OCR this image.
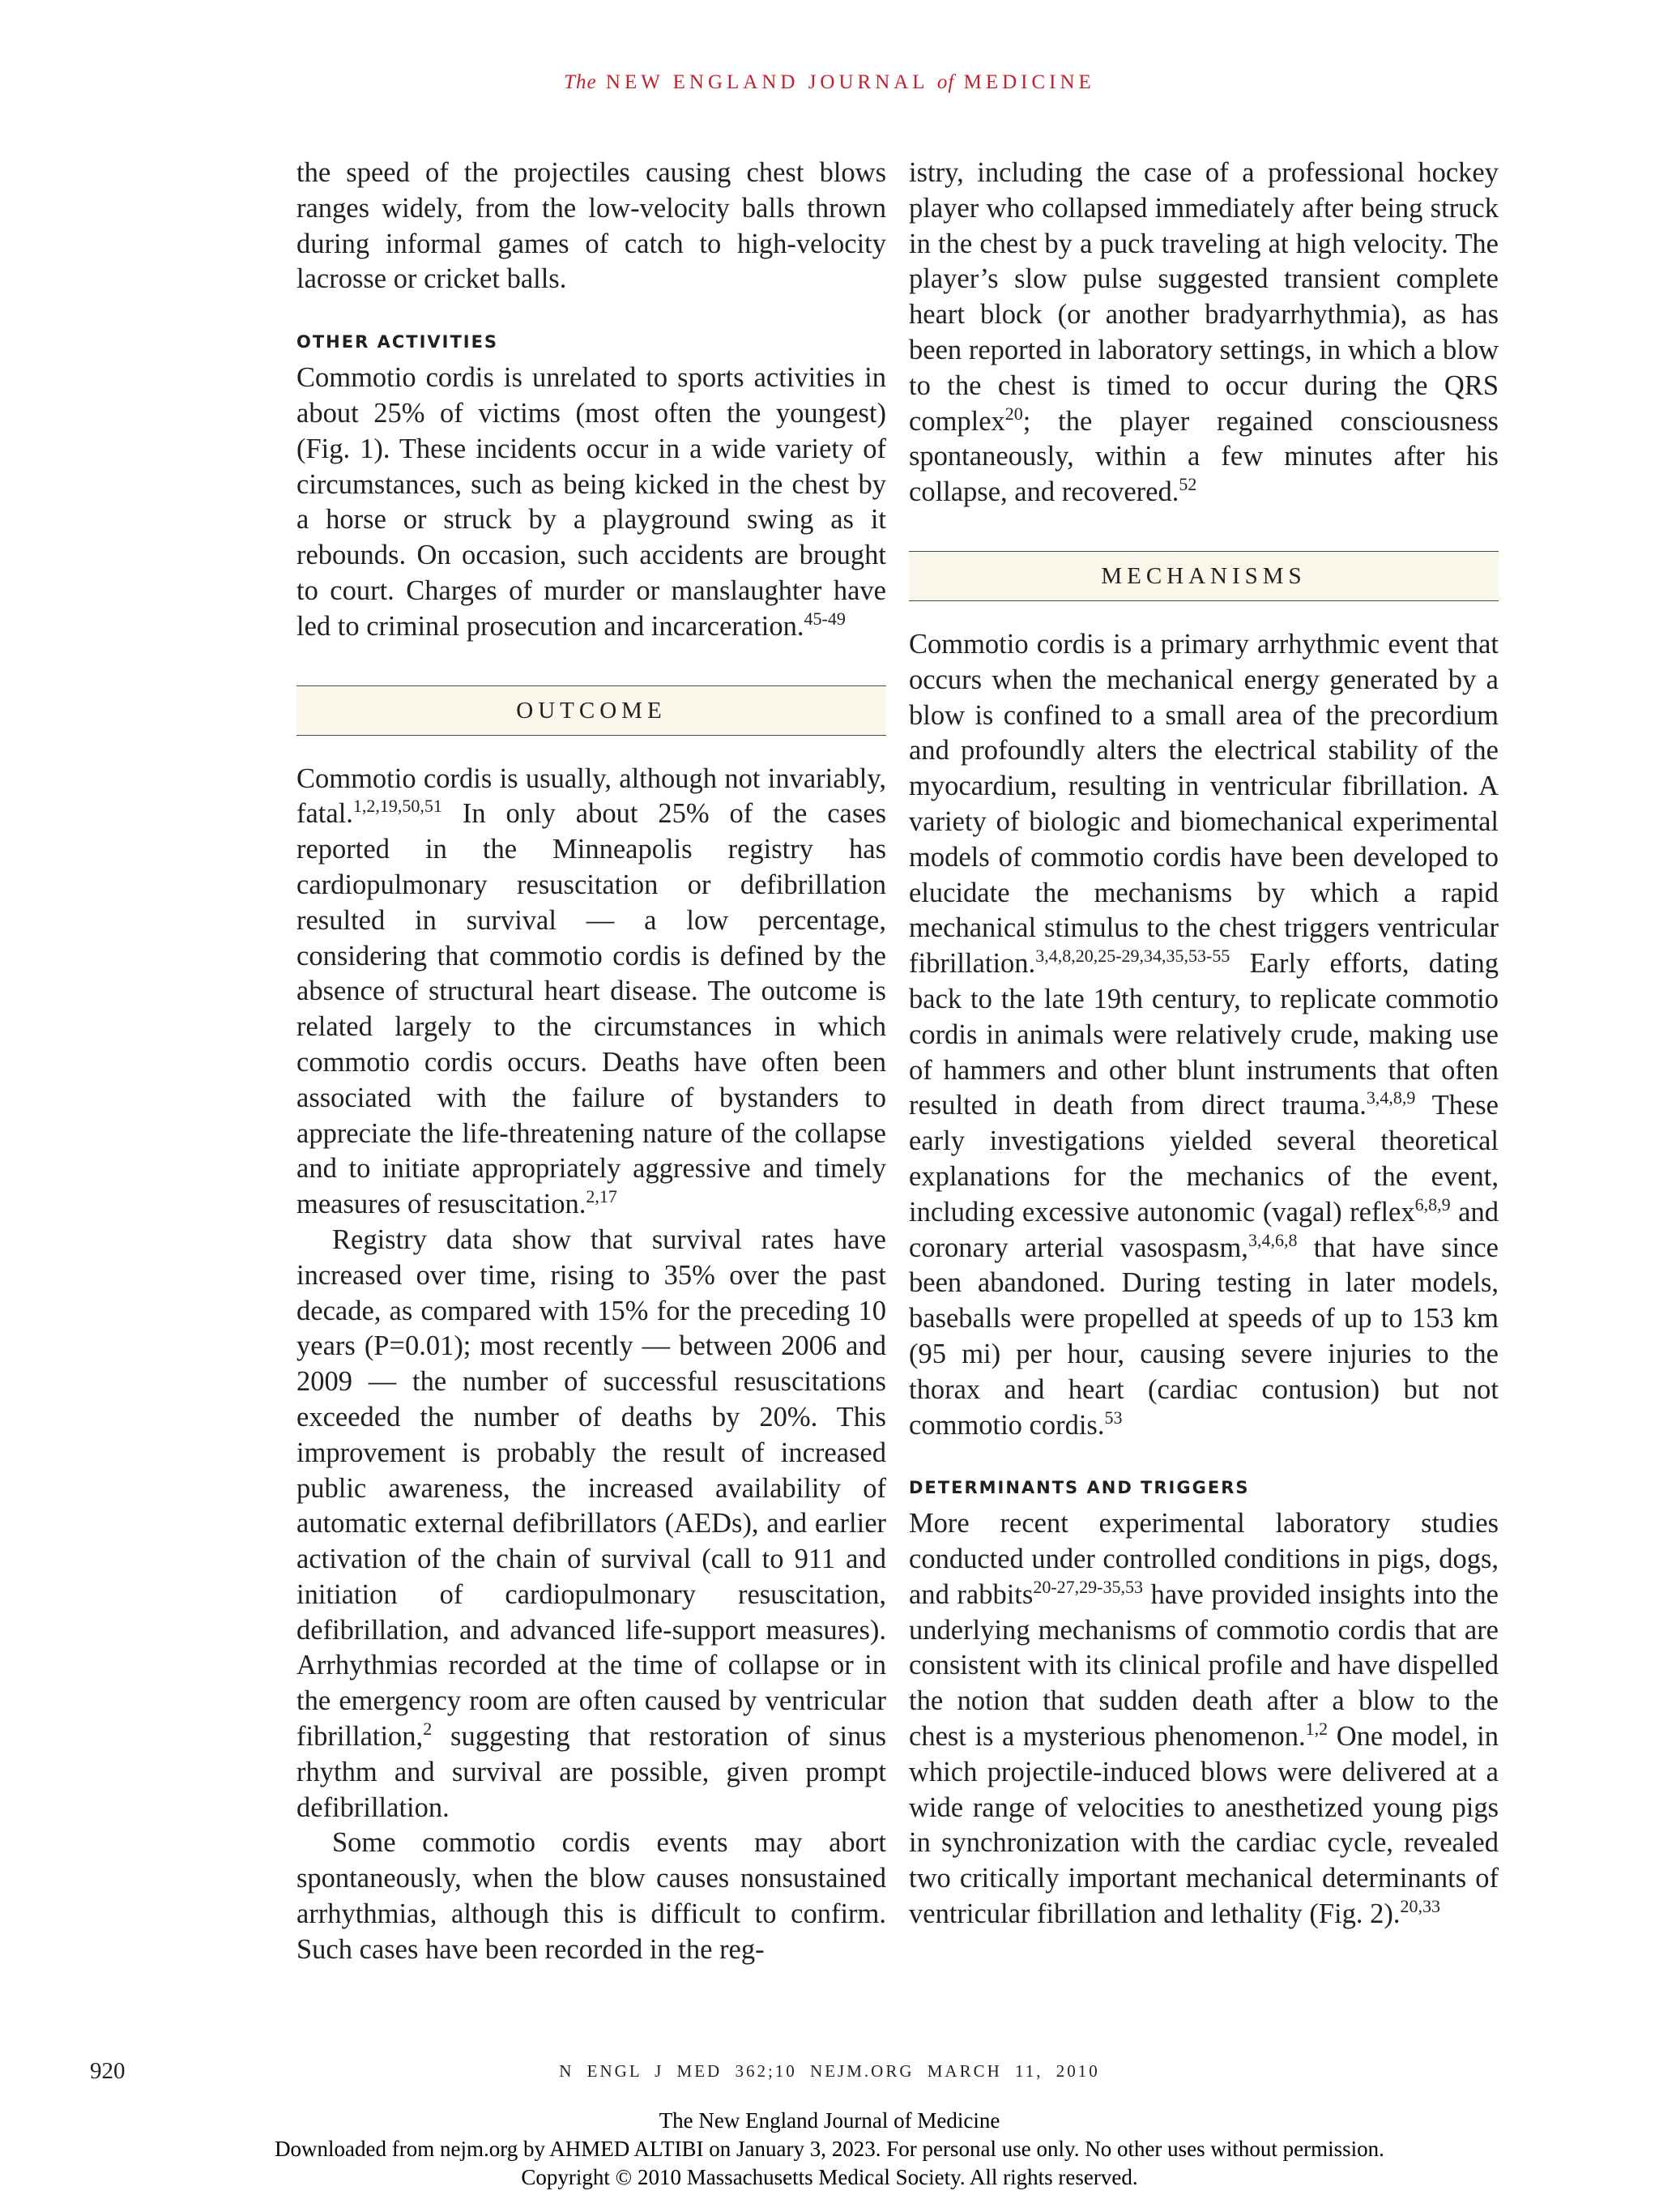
The NEW ENGLAND JOURNAL of MEDICINE

the speed of the projectiles causing chest blows ranges widely, from the low-velocity balls thrown during informal games of catch to high-velocity lacrosse or cricket balls.

OTHER ACTIVITIES

Commotio cordis is unrelated to sports activities in about 25% of victims (most often the youngest) (Fig. 1). These incidents occur in a wide variety of circumstances, such as being kicked in the chest by a horse or struck by a playground swing as it rebounds. On occasion, such accidents are brought to court. Charges of murder or manslaughter have led to criminal prosecution and incarceration.$^{45-49}$

OUTCOME

Commotio cordis is usually, although not invariably, fatal.$^{1,2,19,50,51}$ In only about 25% of the cases reported in the Minneapolis registry has cardiopulmonary resuscitation or defibrillation resulted in survival — a low percentage, considering that commotio cordis is defined by the absence of structural heart disease. The outcome is related largely to the circumstances in which commotio cordis occurs. Deaths have often been associated with the failure of bystanders to appreciate the life-threatening nature of the collapse and to initiate appropriately aggressive and timely measures of resuscitation.$^{2,17}$

Registry data show that survival rates have increased over time, rising to 35% over the past decade, as compared with 15% for the preceding 10 years (P=0.01); most recently — between 2006 and 2009 — the number of successful resuscitations exceeded the number of deaths by 20%. This improvement is probably the result of increased public awareness, the increased availability of automatic external defibrillators (AEDs), and earlier activation of the chain of survival (call to 911 and initiation of cardiopulmonary resuscitation, defibrillation, and advanced life-support measures). Arrhythmias recorded at the time of collapse or in the emergency room are often caused by ventricular fibrillation,$^2$ suggesting that restoration of sinus rhythm and survival are possible, given prompt defibrillation.

Some commotio cordis events may abort spontaneously, when the blow causes nonsustained arrhythmias, although this is difficult to confirm. Such cases have been recorded in the reg-

istry, including the case of a professional hockey player who collapsed immediately after being struck in the chest by a puck traveling at high velocity. The player’s slow pulse suggested transient complete heart block (or another bradyarrhythmia), as has been reported in laboratory settings, in which a blow to the chest is timed to occur during the QRS complex$^{20}$; the player regained consciousness spontaneously, within a few minutes after his collapse, and recovered.$^{52}$

MECHANISMS

Commotio cordis is a primary arrhythmic event that occurs when the mechanical energy generated by a blow is confined to a small area of the precordium and profoundly alters the electrical stability of the myocardium, resulting in ventricular fibrillation. A variety of biologic and biomechanical experimental models of commotio cordis have been developed to elucidate the mechanisms by which a rapid mechanical stimulus to the chest triggers ventricular fibrillation.$^{3,4,8,20,25-29,34,35,53-55}$ Early efforts, dating back to the late 19th century, to replicate commotio cordis in animals were relatively crude, making use of hammers and other blunt instruments that often resulted in death from direct trauma.$^{3,4,8,9}$ These early investigations yielded several theoretical explanations for the mechanics of the event, including excessive autonomic (vagal) reflex$^{6,8,9}$ and coronary arterial vasospasm,$^{3,4,6,8}$ that have since been abandoned. During testing in later models, baseballs were propelled at speeds of up to 153 km (95 mi) per hour, causing severe injuries to the thorax and heart (cardiac contusion) but not commotio cordis.$^{53}$

DETERMINANTS AND TRIGGERS

More recent experimental laboratory studies conducted under controlled conditions in pigs, dogs, and rabbits$^{20-27,29-35,53}$ have provided insights into the underlying mechanisms of commotio cordis that are consistent with its clinical profile and have dispelled the notion that sudden death after a blow to the chest is a mysterious phenomenon.$^{1,2}$ One model, in which projectile-induced blows were delivered at a wide range of velocities to anesthetized young pigs in synchronization with the cardiac cycle, revealed two critically important mechanical determinants of ventricular fibrillation and lethality (Fig. 2).$^{20,33}$

920	N ENGL J MED 362;10 NEJM.ORG MARCH 11, 2010
The New England Journal of Medicine
Downloaded from nejm.org by AHMED ALTIBI on January 3, 2023. For personal use only. No other uses without permission.
Copyright © 2010 Massachusetts Medical Society. All rights reserved.
